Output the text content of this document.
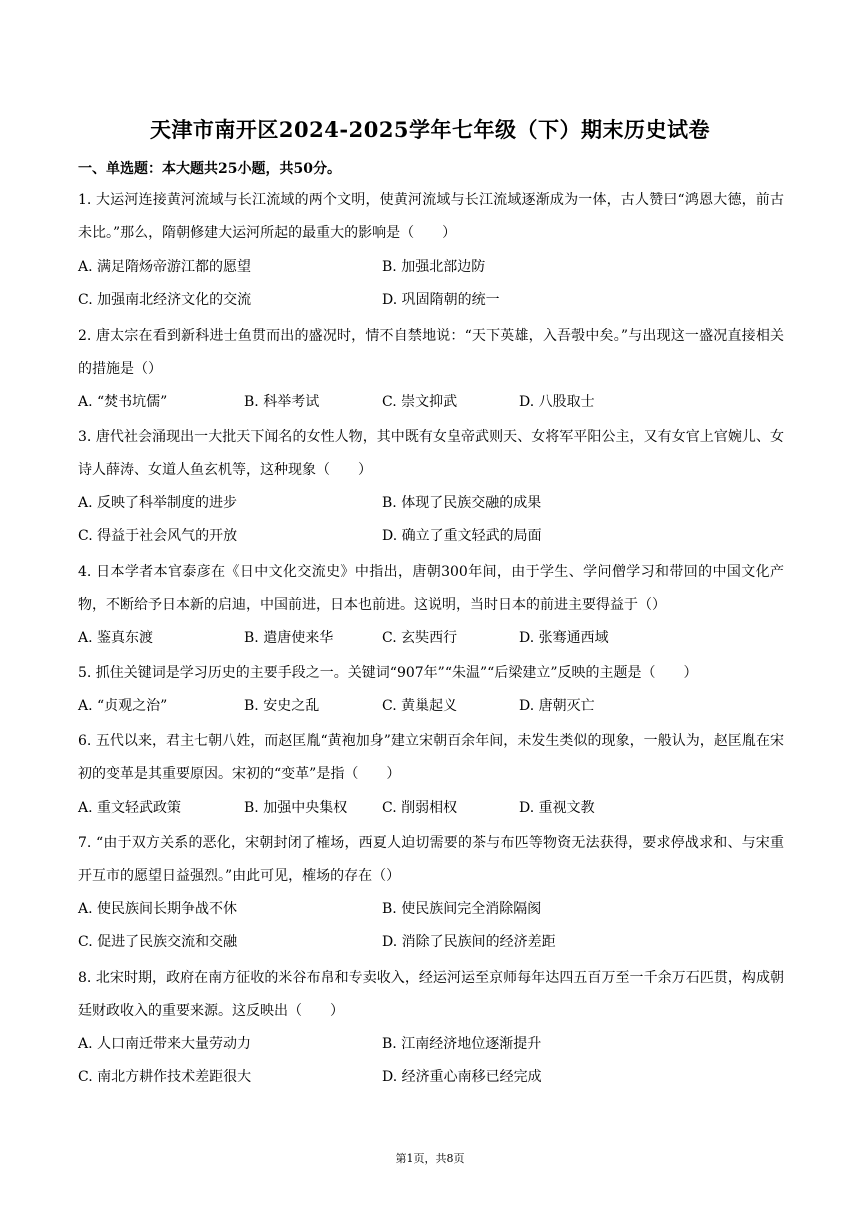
天津市南开区2024-2025学年七年级（下）期末历史试卷
一、单选题：本大题共25小题，共50分。
1. 大运河连接黄河流域与长江流域的两个文明，使黄河流域与长江流域逐渐成为一体，古人赞曰“鸿恩大德，前古未比。”那么，隋朝修建大运河所起的最重大的影响是（　　）
A. 满足隋炀帝游江都的愿望	B. 加强北部边防
C. 加强南北经济文化的交流	D. 巩固隋朝的统一
2. 唐太宗在看到新科进士鱼贯而出的盛况时，情不自禁地说：“天下英雄，入吾彀中矣。”与出现这一盛况直接相关的措施是（）
A. “焚书坑儒”	B. 科举考试	C. 崇文抑武	D. 八股取士
3. 唐代社会涌现出一大批天下闻名的女性人物，其中既有女皇帝武则天、女将军平阳公主，又有女官上官婉儿、女诗人薛涛、女道人鱼玄机等，这种现象（　　）
A. 反映了科举制度的进步	B. 体现了民族交融的成果
C. 得益于社会风气的开放	D. 确立了重文轻武的局面
4. 日本学者本官泰彦在《日中文化交流史》中指出，唐朝300年间，由于学生、学问僧学习和带回的中国文化产物，不断给予日本新的启迪，中国前进，日本也前进。这说明，当时日本的前进主要得益于（）
A. 鉴真东渡	B. 遣唐使来华	C. 玄奘西行	D. 张骞通西域
5. 抓住关键词是学习历史的主要手段之一。关键词“907年”“朱温”“后梁建立”反映的主题是（　　）
A. “贞观之治”	B. 安史之乱	C. 黄巢起义	D. 唐朝灭亡
6. 五代以来，君主七朝八姓，而赵匡胤“黄袍加身”建立宋朝百余年间，未发生类似的现象，一般认为，赵匡胤在宋初的变革是其重要原因。宋初的“变革”是指（　　）
A. 重文轻武政策	B. 加强中央集权 C. 削弱相权	D. 重视文教
7. “由于双方关系的恶化，宋朝封闭了榷场，西夏人迫切需要的茶与布匹等物资无法获得，要求停战求和、与宋重开互市的愿望日益强烈。”由此可见，榷场的存在（）
A. 使民族间长期争战不休	B. 使民族间完全消除隔阂
C. 促进了民族交流和交融	D. 消除了民族间的经济差距
8. 北宋时期，政府在南方征收的米谷布帛和专卖收入，经运河运至京师每年达四五百万至一千余万石匹贯，构成朝廷财政收入的重要来源。这反映出（　　）
A. 人口南迁带来大量劳动力	B. 江南经济地位逐渐提升
C. 南北方耕作技术差距很大	D. 经济重心南移已经完成
第1页，共8页
